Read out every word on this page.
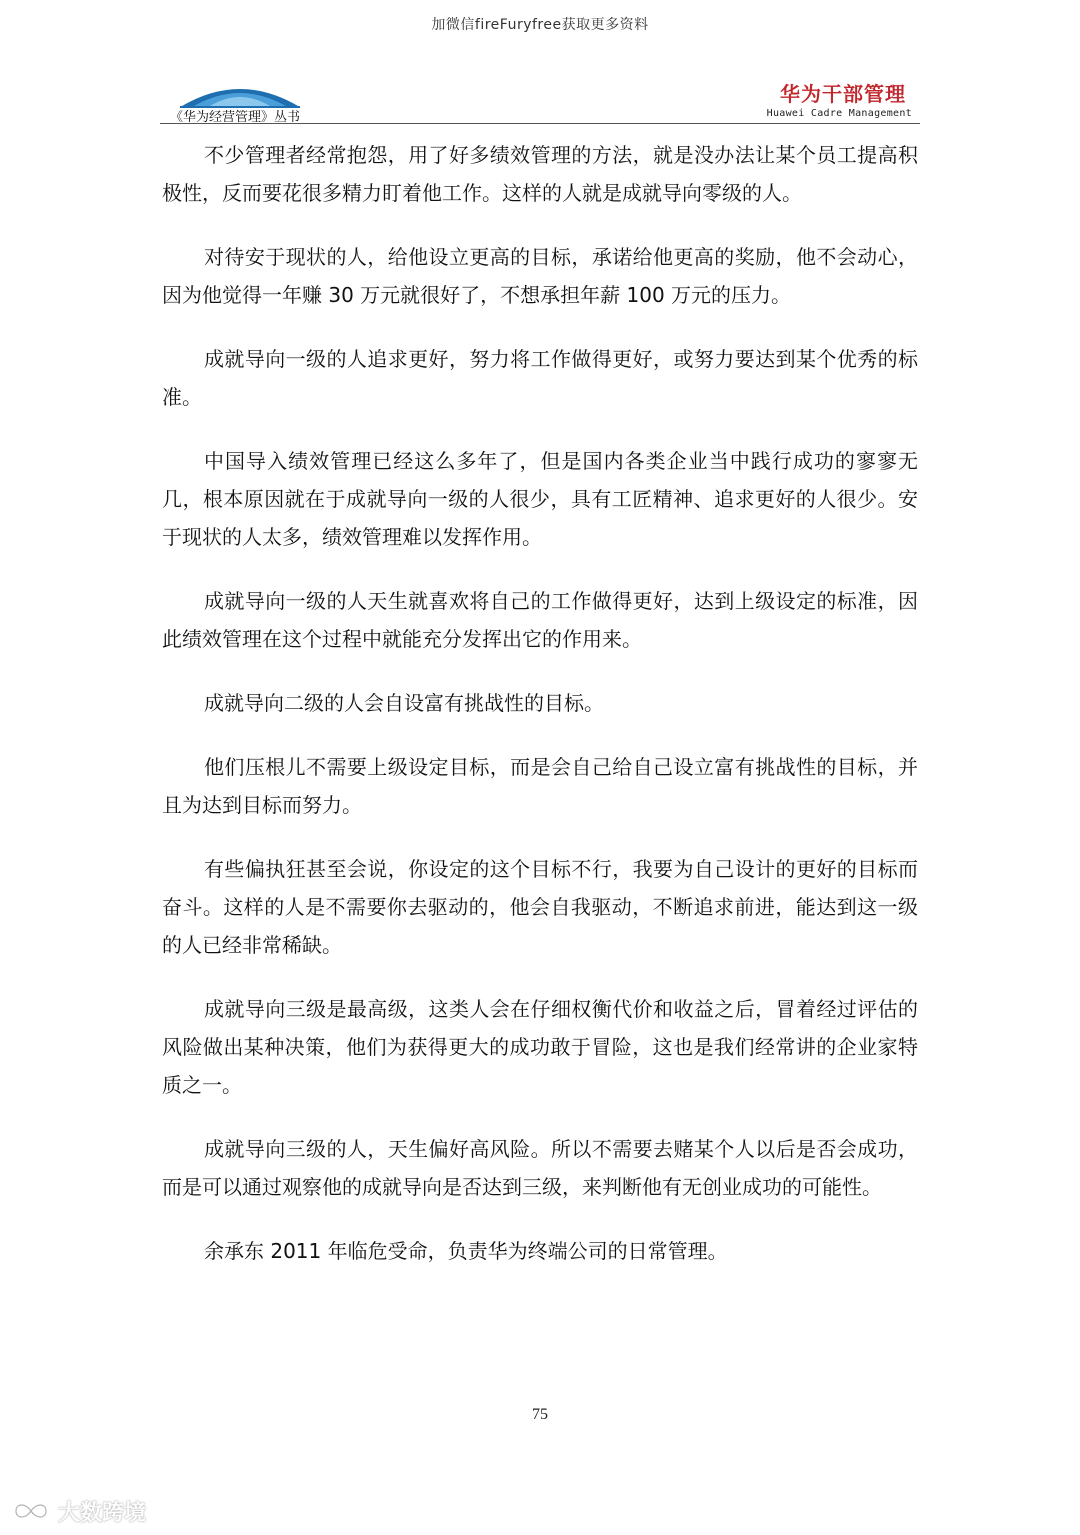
加微信fireFuryfree获取更多资料
《华为经营管理》丛书
华为干部管理
Huawei Cadre Management

不少管理者经常抱怨，用了好多绩效管理的方法，就是没办法让某个员工提高积极性，反而要花很多精力盯着他工作。这样的人就是成就导向零级的人。

对待安于现状的人，给他设立更高的目标，承诺给他更高的奖励，他不会动心，因为他觉得一年赚 30 万元就很好了，不想承担年薪 100 万元的压力。

成就导向一级的人追求更好，努力将工作做得更好，或努力要达到某个优秀的标准。

中国导入绩效管理已经这么多年了，但是国内各类企业当中践行成功的寥寥无几，根本原因就在于成就导向一级的人很少，具有工匠精神、追求更好的人很少。安于现状的人太多，绩效管理难以发挥作用。

成就导向一级的人天生就喜欢将自己的工作做得更好，达到上级设定的标准，因此绩效管理在这个过程中就能充分发挥出它的作用来。

成就导向二级的人会自设富有挑战性的目标。

他们压根儿不需要上级设定目标，而是会自己给自己设立富有挑战性的目标，并且为达到目标而努力。

有些偏执狂甚至会说，你设定的这个目标不行，我要为自己设计的更好的目标而奋斗。这样的人是不需要你去驱动的，他会自我驱动，不断追求前进，能达到这一级的人已经非常稀缺。

成就导向三级是最高级，这类人会在仔细权衡代价和收益之后，冒着经过评估的风险做出某种决策，他们为获得更大的成功敢于冒险，这也是我们经常讲的企业家特质之一。

成就导向三级的人，天生偏好高风险。所以不需要去赌某个人以后是否会成功，而是可以通过观察他的成就导向是否达到三级，来判断他有无创业成功的可能性。

余承东 2011 年临危受命，负责华为终端公司的日常管理。

75
大数跨境
